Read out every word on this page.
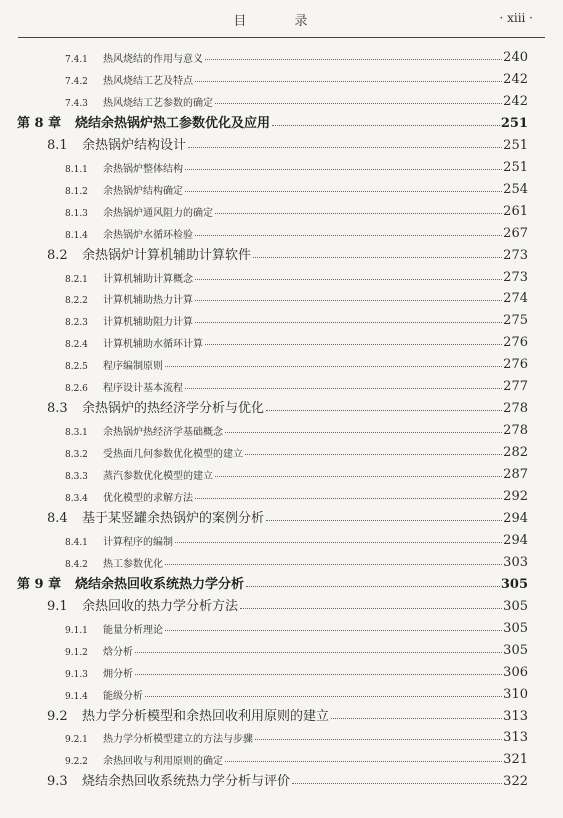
目 录	· xiii ·
7.4.1	热风烧结的作用与意义	240
7.4.2	热风烧结工艺及特点	242
7.4.3	热风烧结工艺参数的确定	242
第 8 章	烧结余热锅炉热工参数优化及应用	251
8.1	余热锅炉结构设计	251
8.1.1	余热锅炉整体结构	251
8.1.2	余热锅炉结构确定	254
8.1.3	余热锅炉通风阻力的确定	261
8.1.4	余热锅炉水循环检验	267
8.2	余热锅炉计算机辅助计算软件	273
8.2.1	计算机辅助计算概念	273
8.2.2	计算机辅助热力计算	274
8.2.3	计算机辅助阻力计算	275
8.2.4	计算机辅助水循环计算	276
8.2.5	程序编制原则	276
8.2.6	程序设计基本流程	277
8.3	余热锅炉的热经济学分析与优化	278
8.3.1	余热锅炉热经济学基础概念	278
8.3.2	受热面几何参数优化模型的建立	282
8.3.3	蒸汽参数优化模型的建立	287
8.3.4	优化模型的求解方法	292
8.4	基于某竖罐余热锅炉的案例分析	294
8.4.1	计算程序的编制	294
8.4.2	热工参数优化	303
第 9 章	烧结余热回收系统热力学分析	305
9.1	余热回收的热力学分析方法	305
9.1.1	能量分析理论	305
9.1.2	焓分析	305
9.1.3	㶲分析	306
9.1.4	能级分析	310
9.2	热力学分析模型和余热回收利用原则的建立	313
9.2.1	热力学分析模型建立的方法与步骤	313
9.2.2	余热回收与利用原则的确定	321
9.3	烧结余热回收系统热力学分析与评价	322
